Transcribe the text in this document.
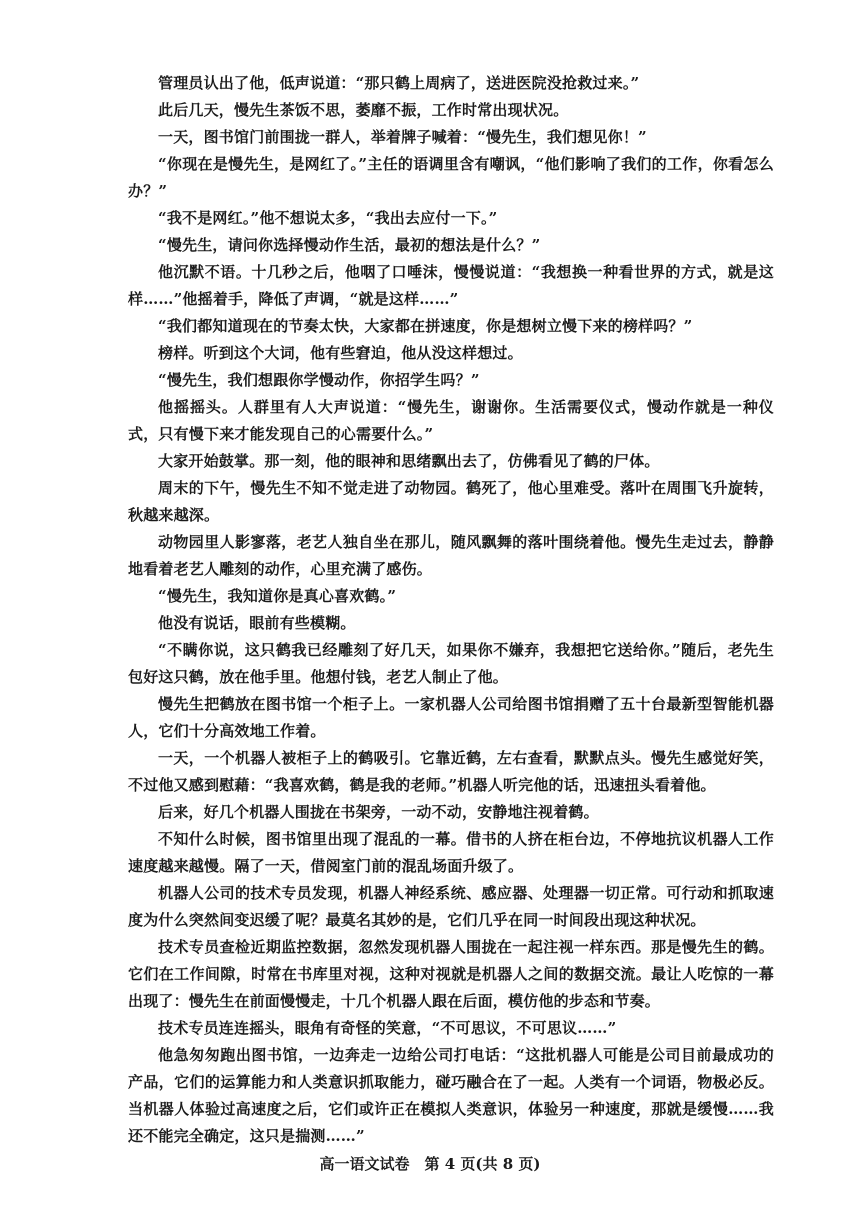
管理员认出了他，低声说道：“那只鹤上周病了，送进医院没抢救过来。”

此后几天，慢先生茶饭不思，萎靡不振，工作时常出现状况。

一天，图书馆门前围拢一群人，举着牌子喊着：“慢先生，我们想见你！”

“你现在是慢先生，是网红了。”主任的语调里含有嘲讽，“他们影响了我们的工作，你看怎么办？”

“我不是网红。”他不想说太多，“我出去应付一下。”

“慢先生，请问你选择慢动作生活，最初的想法是什么？”

他沉默不语。十几秒之后，他咽了口唾沫，慢慢说道：“我想换一种看世界的方式，就是这样……”他摇着手，降低了声调，“就是这样……”

“我们都知道现在的节奏太快，大家都在拼速度，你是想树立慢下来的榜样吗？”

榜样。听到这个大词，他有些窘迫，他从没这样想过。

“慢先生，我们想跟你学慢动作，你招学生吗？”

他摇摇头。人群里有人大声说道：“慢先生，谢谢你。生活需要仪式，慢动作就是一种仪式，只有慢下来才能发现自己的心需要什么。”

大家开始鼓掌。那一刻，他的眼神和思绪飘出去了，仿佛看见了鹤的尸体。

周末的下午，慢先生不知不觉走进了动物园。鹤死了，他心里难受。落叶在周围飞升旋转，秋越来越深。

动物园里人影寥落，老艺人独自坐在那儿，随风飘舞的落叶围绕着他。慢先生走过去，静静地看着老艺人雕刻的动作，心里充满了感伤。

“慢先生，我知道你是真心喜欢鹤。”

他没有说话，眼前有些模糊。

“不瞒你说，这只鹤我已经雕刻了好几天，如果你不嫌弃，我想把它送给你。”随后，老先生包好这只鹤，放在他手里。他想付钱，老艺人制止了他。

慢先生把鹤放在图书馆一个柜子上。一家机器人公司给图书馆捐赠了五十台最新型智能机器人，它们十分高效地工作着。

一天，一个机器人被柜子上的鹤吸引。它靠近鹤，左右查看，默默点头。慢先生感觉好笑，不过他又感到慰藉：“我喜欢鹤，鹤是我的老师。”机器人听完他的话，迅速扭头看着他。

后来，好几个机器人围拢在书架旁，一动不动，安静地注视着鹤。

不知什么时候，图书馆里出现了混乱的一幕。借书的人挤在柜台边，不停地抗议机器人工作速度越来越慢。隔了一天，借阅室门前的混乱场面升级了。

机器人公司的技术专员发现，机器人神经系统、感应器、处理器一切正常。可行动和抓取速度为什么突然间变迟缓了呢？最莫名其妙的是，它们几乎在同一时间段出现这种状况。

技术专员查检近期监控数据，忽然发现机器人围拢在一起注视一样东西。那是慢先生的鹤。它们在工作间隙，时常在书库里对视，这种对视就是机器人之间的数据交流。最让人吃惊的一幕出现了：慢先生在前面慢慢走，十几个机器人跟在后面，模仿他的步态和节奏。

技术专员连连摇头，眼角有奇怪的笑意，“不可思议，不可思议……”

他急匆匆跑出图书馆，一边奔走一边给公司打电话：“这批机器人可能是公司目前最成功的产品，它们的运算能力和人类意识抓取能力，碰巧融合在了一起。人类有一个词语，物极必反。当机器人体验过高速度之后，它们或许正在模拟人类意识，体验另一种速度，那就是缓慢……我还不能完全确定，这只是揣测……”

高一语文试卷　第 4 页(共 8 页)
